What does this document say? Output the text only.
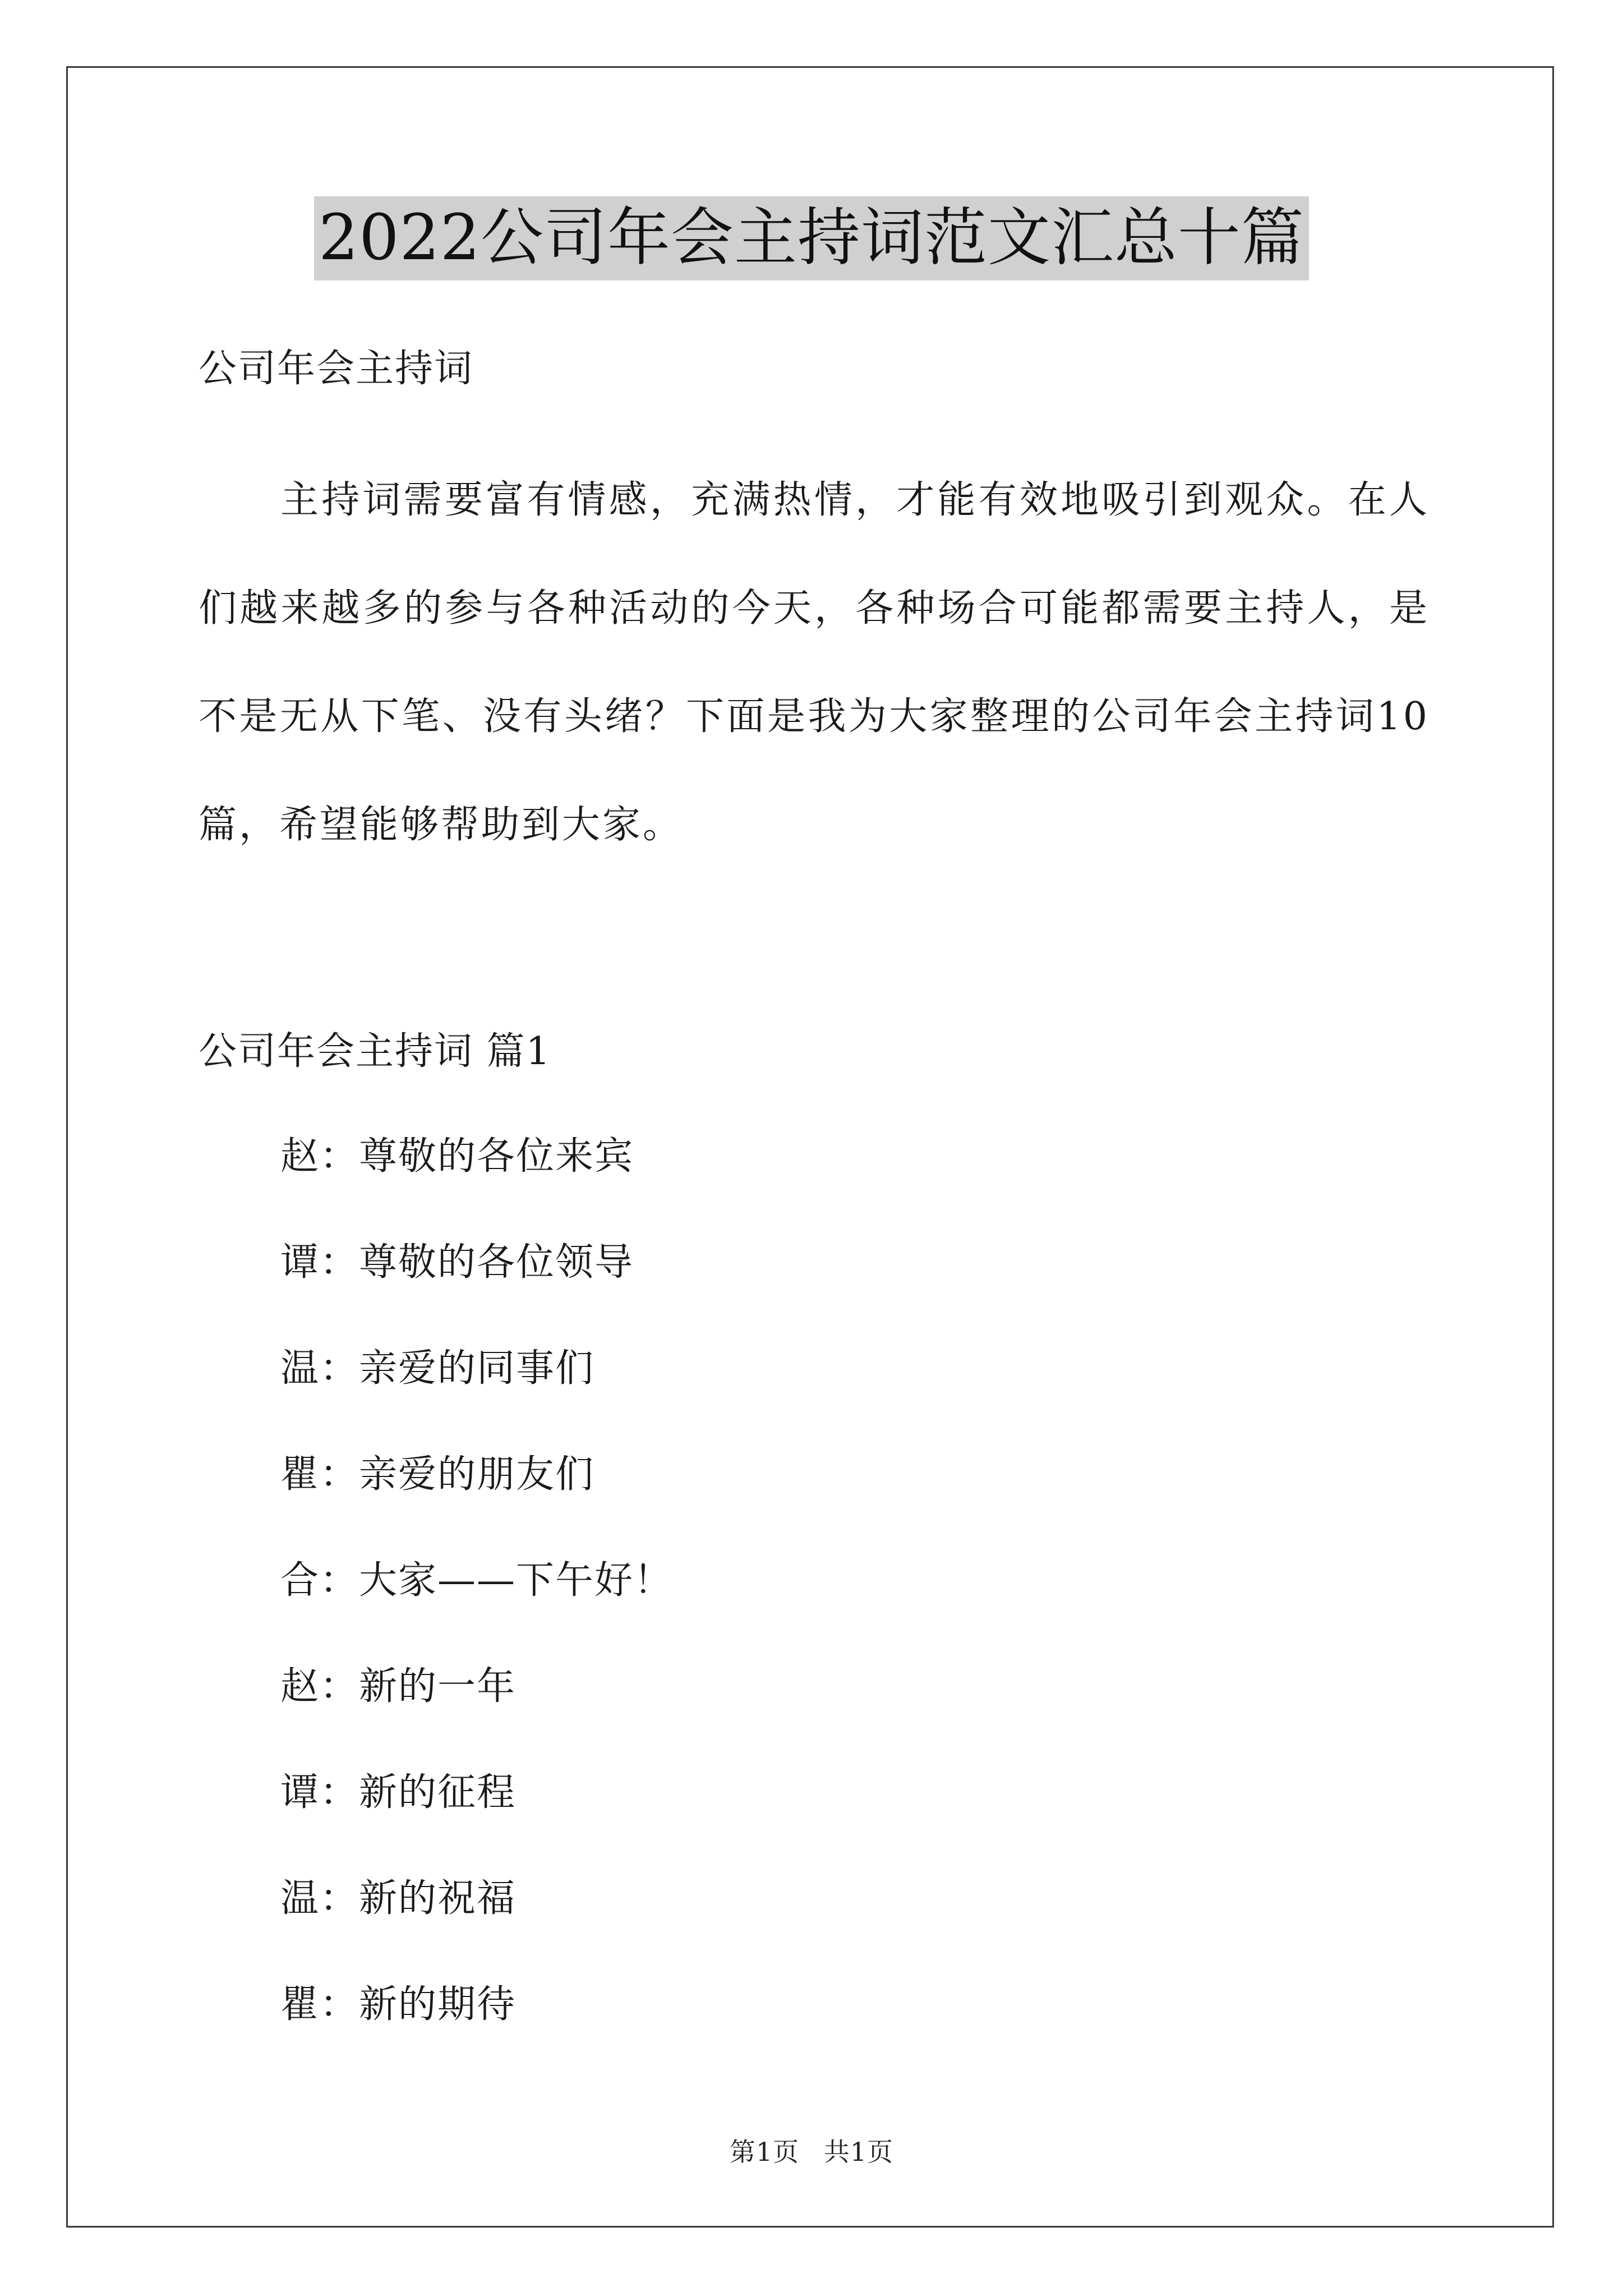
2022公司年会主持词范文汇总十篇
公司年会主持词
主持词需要富有情感，充满热情，才能有效地吸引到观众。在人们越来越多的参与各种活动的今天，各种场合可能都需要主持人，是不是无从下笔、没有头绪？下面是我为大家整理的公司年会主持词10篇，希望能够帮助到大家。
公司年会主持词 篇1
赵：尊敬的各位来宾
谭：尊敬的各位领导
温：亲爱的同事们
瞿：亲爱的朋友们
合：大家——下午好！
赵：新的一年
谭：新的征程
温：新的祝福
瞿：新的期待
第1页 共1页
